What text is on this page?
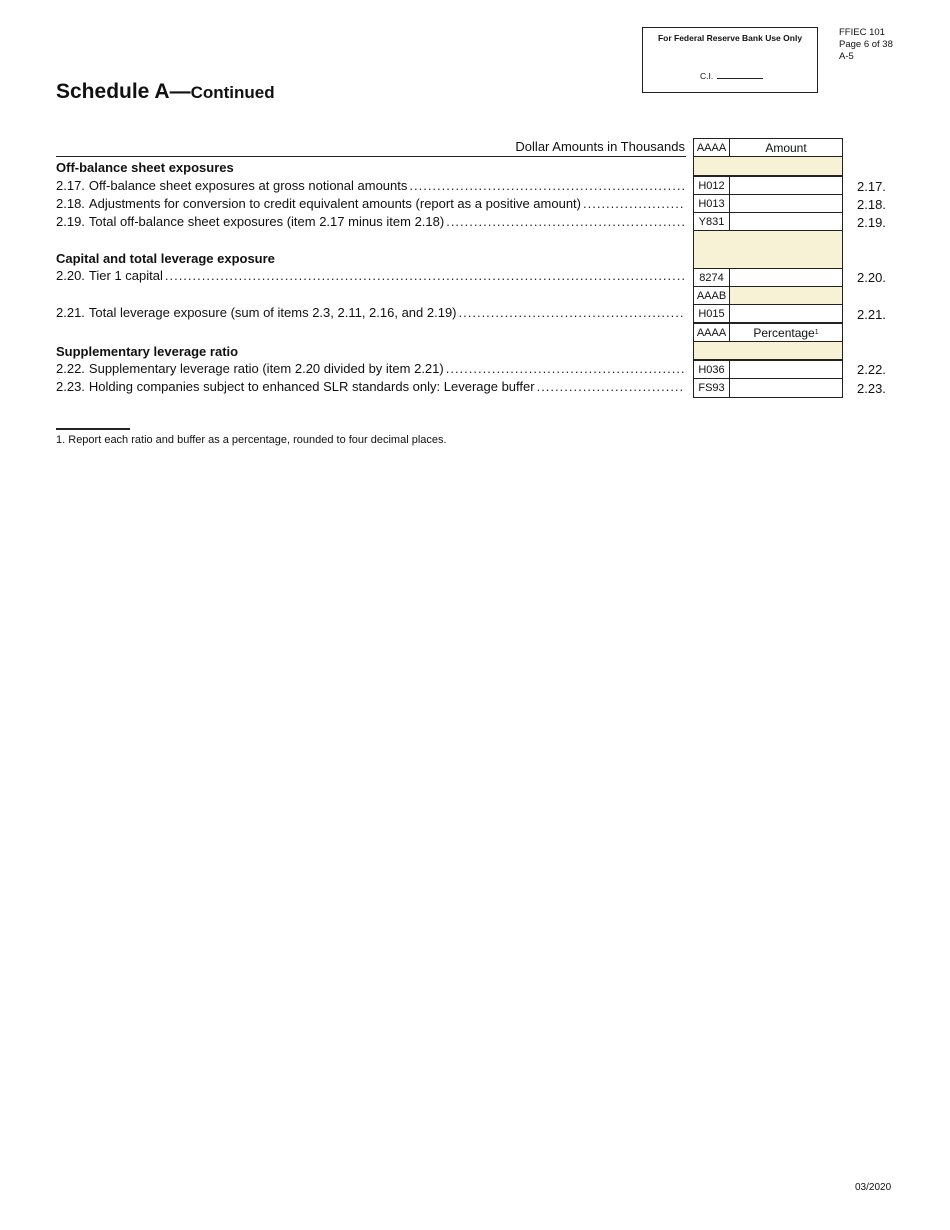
For Federal Reserve Bank Use Only
C.I.
FFIEC 101
Page 6 of 38
A-5
Schedule A—Continued
Dollar Amounts in Thousands	AAAA	Amount
Off-balance sheet exposures
2.17. Off-balance sheet exposures at gross notional amounts .....	H012	2.17.
2.18. Adjustments for conversion to credit equivalent amounts (report as a positive amount) .....	H013	2.18.
2.19. Total off-balance sheet exposures (item 2.17 minus item 2.18) .....	Y831	2.19.
Capital and total leverage exposure
2.20. Tier 1 capital .....	8274	2.20.
AAAB
2.21. Total leverage exposure (sum of items 2.3, 2.11, 2.16, and 2.19) .....	H015	2.21.
AAAA	Percentage 1
Supplementary leverage ratio
2.22. Supplementary leverage ratio (item 2.20 divided by item 2.21) .....	H036	2.22.
2.23. Holding companies subject to enhanced SLR standards only: Leverage buffer .....	FS93	2.23.
1. Report each ratio and buffer as a percentage, rounded to four decimal places.
03/2020
